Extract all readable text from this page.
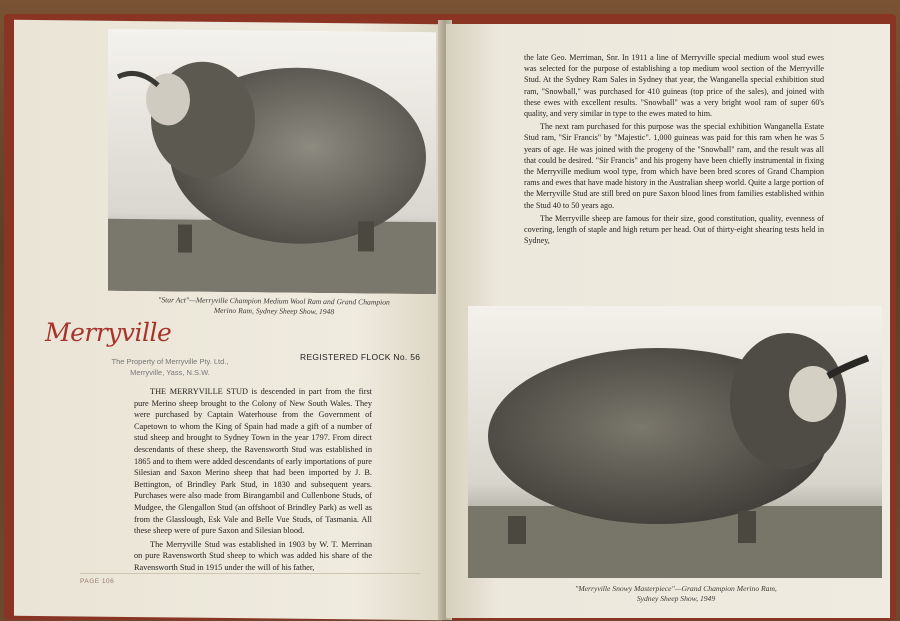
"Star Act"—Merryville Champion Medium Wool Ram and Grand Champion
Merino Ram, Sydney Sheep Show, 1948
Merryville
The Property of Merryville Pty. Ltd.,
Merryville, Yass, N.S.W.
REGISTERED FLOCK No. 56

THE MERRYVILLE STUD is descended in part from the first pure Merino sheep brought to the Colony of New South Wales. They were purchased by Captain Waterhouse from the Government of Capetown to whom the King of Spain had made a gift of a number of stud sheep and brought to Sydney Town in the year 1797. From direct descendants of these sheep, the Ravensworth Stud was established in 1865 and to them were added descendants of early importations of pure Silesian and Saxon Merino sheep that had been imported by J. B. Bettington, of Brindley Park Stud, in 1830 and subsequent years. Purchases were also made from Birangambil and Cullenbone Studs, of Mudgee, the Glengallon Stud (an offshoot of Brindley Park) as well as from the Glasslough, Esk Vale and Belle Vue Studs, of Tasmania. All these sheep were of pure Saxon and Silesian blood.

The Merryville Stud was established in 1903 by W. T. Merrinan on pure Ravensworth Stud sheep to which was added his share of the Ravensworth Stud in 1915 under the will of his father,

PAGE 106

the late Geo. Merriman, Snr. In 1911 a line of Merryville special medium wool stud ewes was selected for the purpose of establishing a top medium wool section of the Merryville Stud. At the Sydney Ram Sales in Sydney that year, the Wanganella special exhibition stud ram, "Snowball," was purchased for 410 guineas (top price of the sales), and joined with these ewes with excellent results. "Snowball" was a very bright wool ram of super 60's quality, and very similar in type to the ewes mated to him.

The next ram purchased for this purpose was the special exhibition Wanganella Estate Stud ram, "Sir Francis" by "Majestic". 1,000 guineas was paid for this ram when he was 5 years of age. He was joined with the progeny of the "Snowball" ram, and the result was all that could be desired. "Sir Francis" and his progeny have been chiefly instrumental in fixing the Merryville medium wool type, from which have been bred scores of Grand Champion rams and ewes that have made history in the Australian sheep world. Quite a large portion of the Merryville Stud are still bred on pure Saxon blood lines from families established within the Stud 40 to 50 years ago.

The Merryville sheep are famous for their size, good constitution, quality, evenness of covering, length of staple and high return per head. Out of thirty-eight shearing tests held in Sydney,

"Merryville Snowy Masterpiece"—Grand Champion Merino Ram,
Sydney Sheep Show, 1949
